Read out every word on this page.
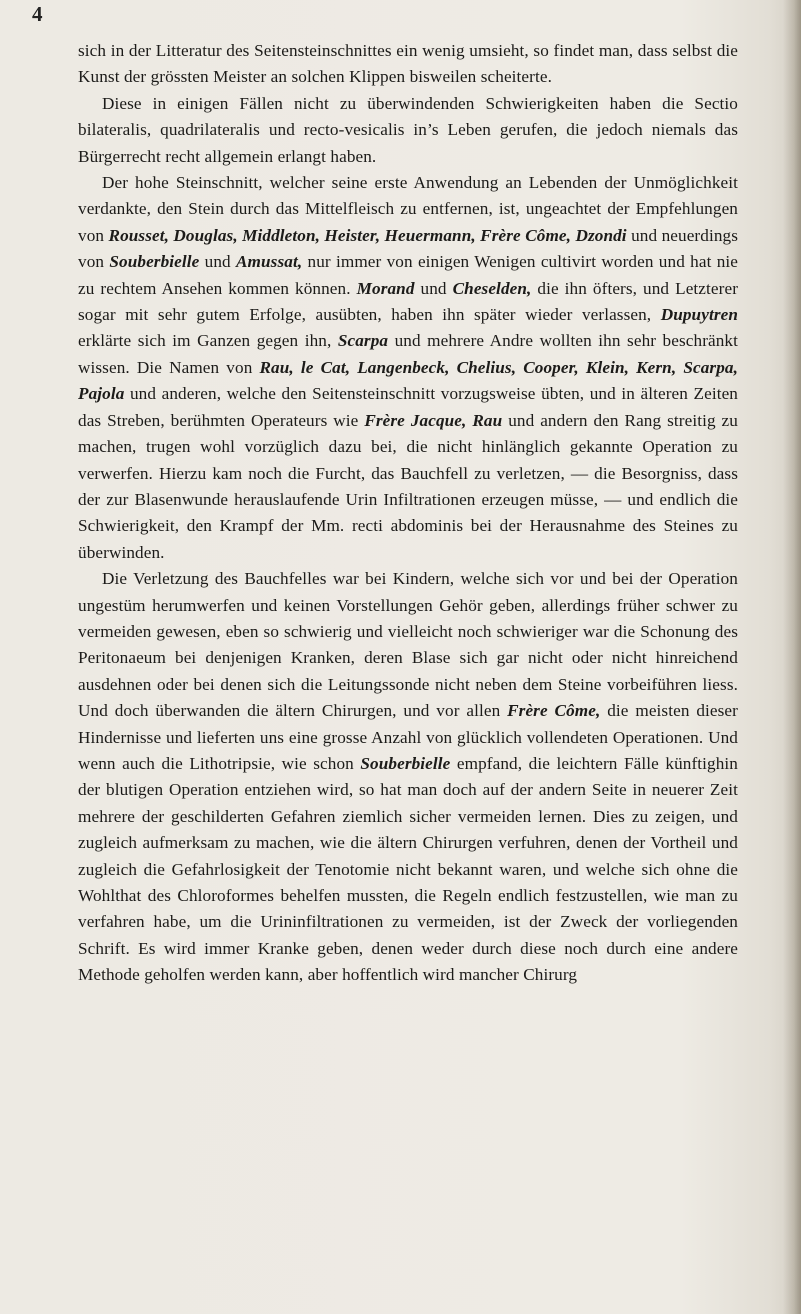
4

sich in der Litteratur des Seitensteinschnittes ein wenig umsieht, so findet man, dass selbst die Kunst der grössten Meister an solchen Klippen bisweilen scheiterte.

Diese in einigen Fällen nicht zu überwindenden Schwierigkeiten haben die Sectio bilateralis, quadrilateralis und recto-vesicalis in’s Leben gerufen, die jedoch niemals das Bürgerrecht recht allgemein erlangt haben.

Der hohe Steinschnitt, welcher seine erste Anwendung an Lebenden der Unmöglichkeit verdankte, den Stein durch das Mittelfleisch zu entfernen, ist, ungeachtet der Empfehlungen von Rousset, Douglas, Middleton, Heister, Heuermann, Frère Côme, Dzondi und neuerdings von Souberbielle und Amussat, nur immer von einigen Wenigen cultivirt worden und hat nie zu rechtem Ansehen kommen können. Morand und Cheselden, die ihn öfters, und Letzterer sogar mit sehr gutem Erfolge, ausübten, haben ihn später wieder verlassen, Dupuytren erklärte sich im Ganzen gegen ihn, Scarpa und mehrere Andre wollten ihn sehr beschränkt wissen. Die Namen von Rau, le Cat, Langenbeck, Chelius, Cooper, Klein, Kern, Scarpa, Pajola und anderen, welche den Seitensteinschnitt vorzugsweise übten, und in älteren Zeiten das Streben, berühmten Operateurs wie Frère Jacque, Rau und andern den Rang streitig zu machen, trugen wohl vorzüglich dazu bei, die nicht hinlänglich gekannte Operation zu verwerfen. Hierzu kam noch die Furcht, das Bauchfell zu verletzen, — die Besorgniss, dass der zur Blasenwunde herauslaufende Urin Infiltrationen erzeugen müsse, — und endlich die Schwierigkeit, den Krampf der Mm. recti abdominis bei der Herausnahme des Steines zu überwinden.

Die Verletzung des Bauchfelles war bei Kindern, welche sich vor und bei der Operation ungestüm herumwerfen und keinen Vorstellungen Gehör geben, allerdings früher schwer zu vermeiden gewesen, eben so schwierig und vielleicht noch schwieriger war die Schonung des Peritonaeum bei denjenigen Kranken, deren Blase sich gar nicht oder nicht hinreichend ausdehnen oder bei denen sich die Leitungssonde nicht neben dem Steine vorbeiführen liess. Und doch überwanden die ältern Chirurgen, und vor allen Frère Côme, die meisten dieser Hindernisse und lieferten uns eine grosse Anzahl von glücklich vollendeten Operationen. Und wenn auch die Lithotripsie, wie schon Souberbielle empfand, die leichtern Fälle künftighin der blutigen Operation entziehen wird, so hat man doch auf der andern Seite in neuerer Zeit mehrere der geschilderten Gefahren ziemlich sicher vermeiden lernen. Dies zu zeigen, und zugleich aufmerksam zu machen, wie die ältern Chirurgen verfuhren, denen der Vortheil und zugleich die Gefahrlosigkeit der Tenotomie nicht bekannt waren, und welche sich ohne die Wohlthat des Chloroformes behelfen mussten, die Regeln endlich festzustellen, wie man zu verfahren habe, um die Urininfiltrationen zu vermeiden, ist der Zweck der vorliegenden Schrift. Es wird immer Kranke geben, denen weder durch diese noch durch eine andere Methode geholfen werden kann, aber hoffentlich wird mancher Chirurg
